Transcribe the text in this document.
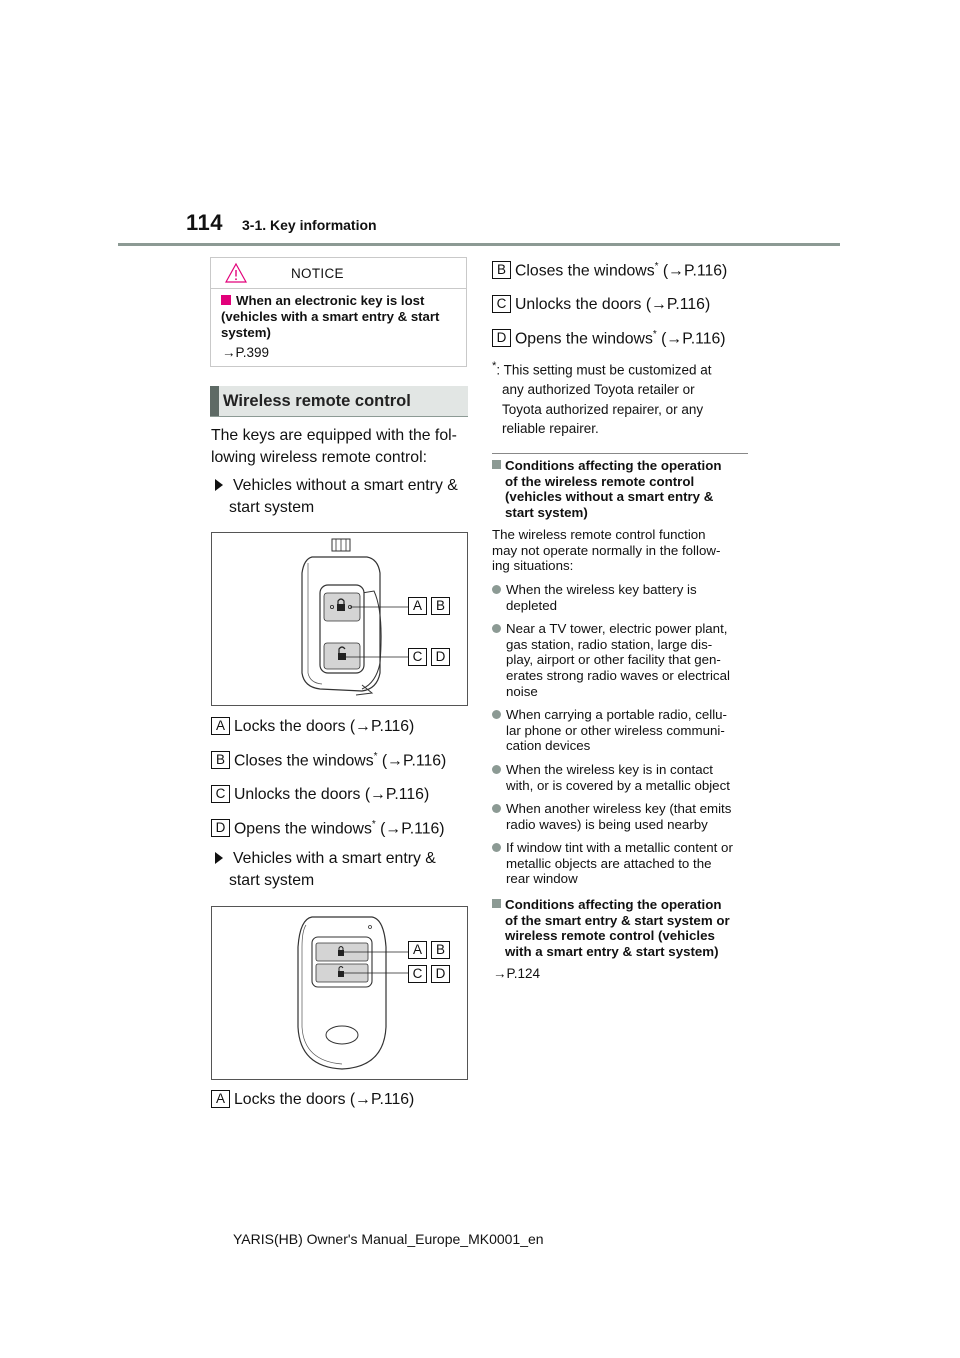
114 3-1. Key information
NOTICE
When an electronic key is lost (vehicles with a smart entry & start system)
→P.399
Wireless remote control
The keys are equipped with the fol-
lowing wireless remote control:
Vehicles without a smart entry &
start system
A	B
C D
A Locks the doors (→P.116)
B Closes the windows* (→P.116)
C Unlocks the doors (→P.116)
D Opens the windows* (→P.116)
Vehicles with a smart entry &
start system
A	B
C D
A Locks the doors (→P.116)
B Closes the windows* (→P.116)
C Unlocks the doors (→P.116)
D Opens the windows* (→P.116)
*: This setting must be customized at
any authorized Toyota retailer or
Toyota authorized repairer, or any
reliable repairer.
Conditions affecting the operation
of the wireless remote control
(vehicles without a smart entry &
start system)
The wireless remote control function
may not operate normally in the follow-
ing situations:
When the wireless key battery is
depleted
Near a TV tower, electric power plant,
gas station, radio station, large dis-
play, airport or other facility that gen-
erates strong radio waves or electrical
noise
When carrying a portable radio, cellu-
lar phone or other wireless communi-
cation devices
When the wireless key is in contact
with, or is covered by a metallic object
When another wireless key (that emits
radio waves) is being used nearby
If window tint with a metallic content or
metallic objects are attached to the
rear window
Conditions affecting the operation
of the smart entry & start system or
wireless remote control (vehicles
with a smart entry & start system)
→P.124
YARIS(HB) Owner's Manual_Europe_MK0001_en
